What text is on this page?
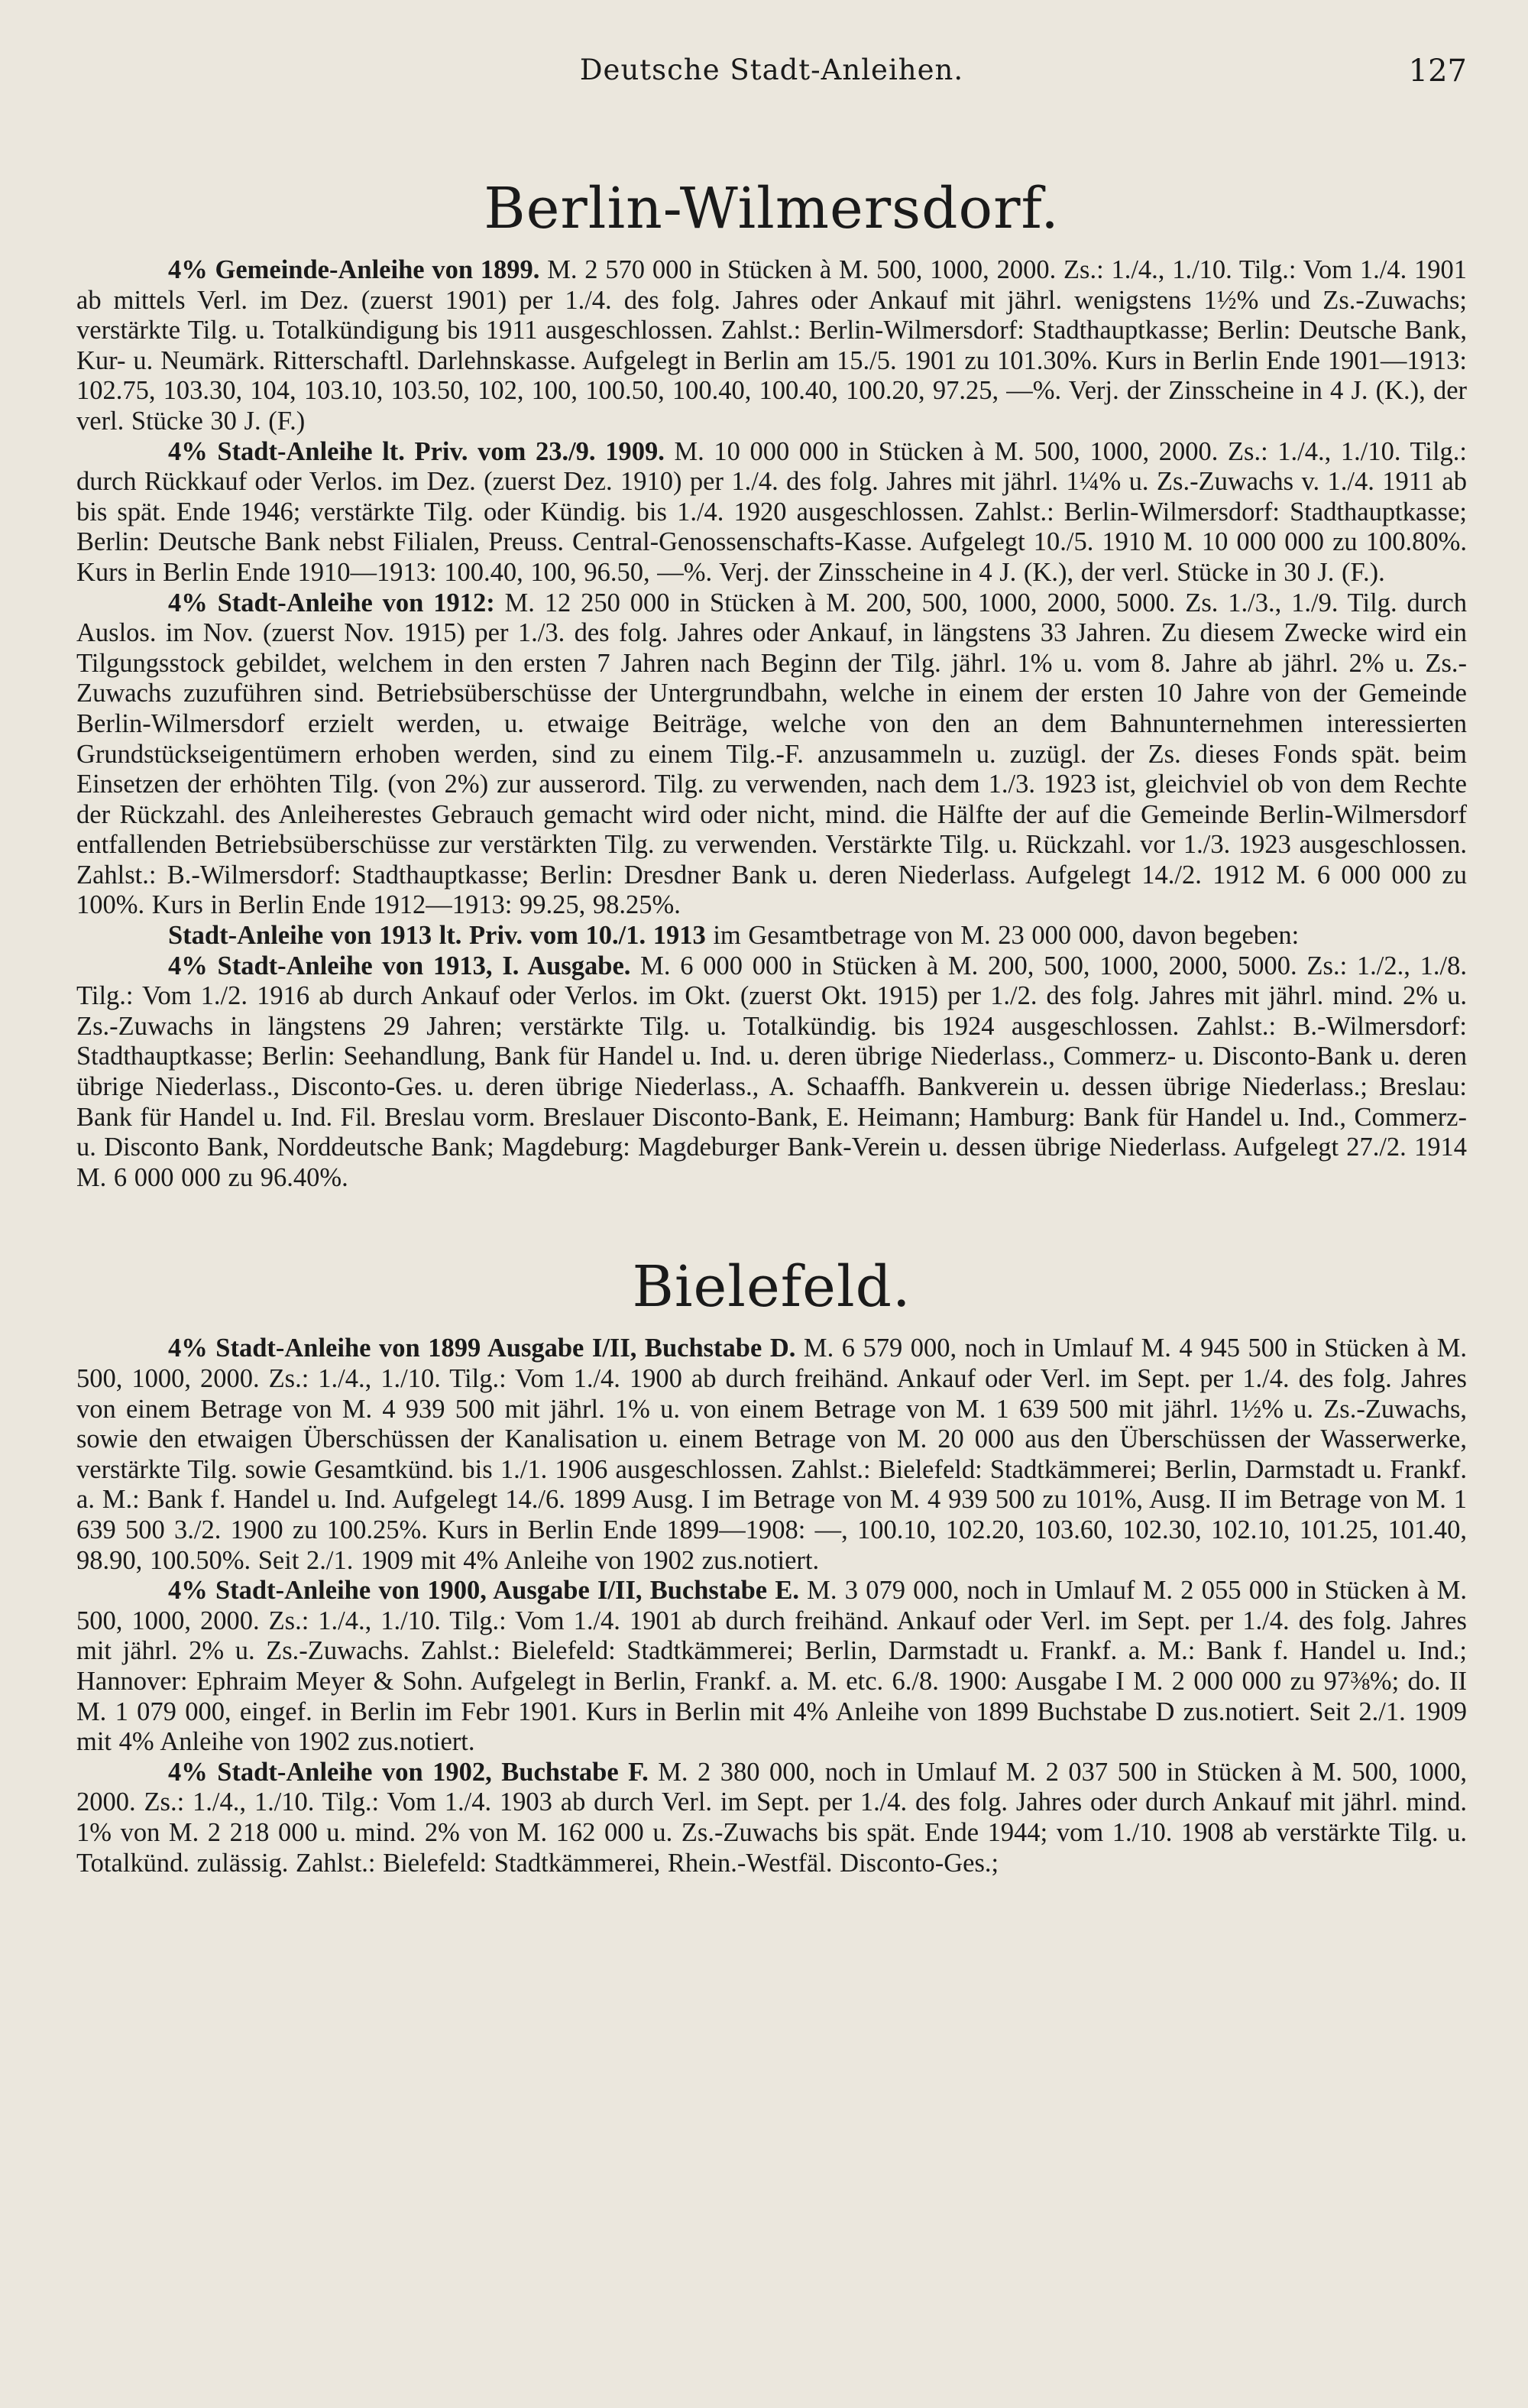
Deutsche Stadt-Anleihen.	127
Berlin-Wilmersdorf.

4% Gemeinde-Anleihe von 1899. M. 2 570 000 in Stücken à M. 500, 1000, 2000. Zs.: 1./4., 1./10. Tilg.: Vom 1./4. 1901 ab mittels Verl. im Dez. (zuerst 1901) per 1./4. des folg. Jahres oder Ankauf mit jährl. wenigstens 1½% und Zs.-Zuwachs; verstärkte Tilg. u. Totalkündigung bis 1911 ausgeschlossen. Zahlst.: Berlin-Wilmersdorf: Stadthauptkasse; Berlin: Deutsche Bank, Kur- u. Neumärk. Ritterschaftl. Darlehnskasse. Aufgelegt in Berlin am 15./5. 1901 zu 101.30%. Kurs in Berlin Ende 1901—1913: 102.75, 103.30, 104, 103.10, 103.50, 102, 100, 100.50, 100.40, 100.40, 100.20, 97.25, —%. Verj. der Zinsscheine in 4 J. (K.), der verl. Stücke 30 J. (F.)

4% Stadt-Anleihe lt. Priv. vom 23./9. 1909. M. 10 000 000 in Stücken à M. 500, 1000, 2000. Zs.: 1./4., 1./10. Tilg.: durch Rückkauf oder Verlos. im Dez. (zuerst Dez. 1910) per 1./4. des folg. Jahres mit jährl. 1¼% u. Zs.-Zuwachs v. 1./4. 1911 ab bis spät. Ende 1946; verstärkte Tilg. oder Kündig. bis 1./4. 1920 ausgeschlossen. Zahlst.: Berlin-Wilmersdorf: Stadthauptkasse; Berlin: Deutsche Bank nebst Filialen, Preuss. Central-Genossenschafts-Kasse. Aufgelegt 10./5. 1910 M. 10 000 000 zu 100.80%. Kurs in Berlin Ende 1910—1913: 100.40, 100, 96.50, —%. Verj. der Zinsscheine in 4 J. (K.), der verl. Stücke in 30 J. (F.).

4% Stadt-Anleihe von 1912: M. 12 250 000 in Stücken à M. 200, 500, 1000, 2000, 5000. Zs. 1./3., 1./9. Tilg. durch Auslos. im Nov. (zuerst Nov. 1915) per 1./3. des folg. Jahres oder Ankauf, in längstens 33 Jahren. Zu diesem Zwecke wird ein Tilgungsstock gebildet, welchem in den ersten 7 Jahren nach Beginn der Tilg. jährl. 1% u. vom 8. Jahre ab jährl. 2% u. Zs.-Zuwachs zuzuführen sind. Betriebsüberschüsse der Untergrundbahn, welche in einem der ersten 10 Jahre von der Gemeinde Berlin-Wilmersdorf erzielt werden, u. etwaige Beiträge, welche von den an dem Bahnunternehmen interessierten Grundstückseigentümern erhoben werden, sind zu einem Tilg.-F. anzusammeln u. zuzügl. der Zs. dieses Fonds spät. beim Einsetzen der erhöhten Tilg. (von 2%) zur ausserord. Tilg. zu verwenden, nach dem 1./3. 1923 ist, gleichviel ob von dem Rechte der Rückzahl. des Anleiherestes Gebrauch gemacht wird oder nicht, mind. die Hälfte der auf die Gemeinde Berlin-Wilmersdorf entfallenden Betriebsüberschüsse zur verstärkten Tilg. zu verwenden. Verstärkte Tilg. u. Rückzahl. vor 1./3. 1923 ausgeschlossen. Zahlst.: B.-Wilmersdorf: Stadthauptkasse; Berlin: Dresdner Bank u. deren Niederlass. Aufgelegt 14./2. 1912 M. 6 000 000 zu 100%. Kurs in Berlin Ende 1912—1913: 99.25, 98.25%.

Stadt-Anleihe von 1913 lt. Priv. vom 10./1. 1913 im Gesamtbetrage von M. 23 000 000, davon begeben:

4% Stadt-Anleihe von 1913, I. Ausgabe. M. 6 000 000 in Stücken à M. 200, 500, 1000, 2000, 5000. Zs.: 1./2., 1./8. Tilg.: Vom 1./2. 1916 ab durch Ankauf oder Verlos. im Okt. (zuerst Okt. 1915) per 1./2. des folg. Jahres mit jährl. mind. 2% u. Zs.-Zuwachs in längstens 29 Jahren; verstärkte Tilg. u. Totalkündig. bis 1924 ausgeschlossen. Zahlst.: B.-Wilmersdorf: Stadthauptkasse; Berlin: Seehandlung, Bank für Handel u. Ind. u. deren übrige Niederlass., Commerz- u. Disconto-Bank u. deren übrige Niederlass., Disconto-Ges. u. deren übrige Niederlass., A. Schaaffh. Bankverein u. dessen übrige Niederlass.; Breslau: Bank für Handel u. Ind. Fil. Breslau vorm. Breslauer Disconto-Bank, E. Heimann; Hamburg: Bank für Handel u. Ind., Commerz- u. Disconto Bank, Norddeutsche Bank; Magdeburg: Magdeburger Bank-Verein u. dessen übrige Niederlass. Aufgelegt 27./2. 1914 M. 6 000 000 zu 96.40%.

Bielefeld.

4% Stadt-Anleihe von 1899 Ausgabe I/II, Buchstabe D. M. 6 579 000, noch in Umlauf M. 4 945 500 in Stücken à M. 500, 1000, 2000. Zs.: 1./4., 1./10. Tilg.: Vom 1./4. 1900 ab durch freihänd. Ankauf oder Verl. im Sept. per 1./4. des folg. Jahres von einem Betrage von M. 4 939 500 mit jährl. 1% u. von einem Betrage von M. 1 639 500 mit jährl. 1½% u. Zs.-Zuwachs, sowie den etwaigen Überschüssen der Kanalisation u. einem Betrage von M. 20 000 aus den Überschüssen der Wasserwerke, verstärkte Tilg. sowie Gesamtkünd. bis 1./1. 1906 ausgeschlossen. Zahlst.: Bielefeld: Stadtkämmerei; Berlin, Darmstadt u. Frankf. a. M.: Bank f. Handel u. Ind. Aufgelegt 14./6. 1899 Ausg. I im Betrage von M. 4 939 500 zu 101%, Ausg. II im Betrage von M. 1 639 500 3./2. 1900 zu 100.25%. Kurs in Berlin Ende 1899—1908: —, 100.10, 102.20, 103.60, 102.30, 102.10, 101.25, 101.40, 98.90, 100.50%. Seit 2./1. 1909 mit 4% Anleihe von 1902 zus.notiert.

4% Stadt-Anleihe von 1900, Ausgabe I/II, Buchstabe E. M. 3 079 000, noch in Umlauf M. 2 055 000 in Stücken à M. 500, 1000, 2000. Zs.: 1./4., 1./10. Tilg.: Vom 1./4. 1901 ab durch freihänd. Ankauf oder Verl. im Sept. per 1./4. des folg. Jahres mit jährl. 2% u. Zs.-Zuwachs. Zahlst.: Bielefeld: Stadtkämmerei; Berlin, Darmstadt u. Frankf. a. M.: Bank f. Handel u. Ind.; Hannover: Ephraim Meyer & Sohn. Aufgelegt in Berlin, Frankf. a. M. etc. 6./8. 1900: Ausgabe I M. 2 000 000 zu 97⅜%; do. II M. 1 079 000, eingef. in Berlin im Febr 1901. Kurs in Berlin mit 4% Anleihe von 1899 Buchstabe D zus.notiert. Seit 2./1. 1909 mit 4% Anleihe von 1902 zus.notiert.

4% Stadt-Anleihe von 1902, Buchstabe F. M. 2 380 000, noch in Umlauf M. 2 037 500 in Stücken à M. 500, 1000, 2000. Zs.: 1./4., 1./10. Tilg.: Vom 1./4. 1903 ab durch Verl. im Sept. per 1./4. des folg. Jahres oder durch Ankauf mit jährl. mind. 1% von M. 2 218 000 u. mind. 2% von M. 162 000 u. Zs.-Zuwachs bis spät. Ende 1944; vom 1./10. 1908 ab verstärkte Tilg. u. Totalkünd. zulässig. Zahlst.: Bielefeld: Stadtkämmerei, Rhein.-Westfäl. Disconto-Ges.;
